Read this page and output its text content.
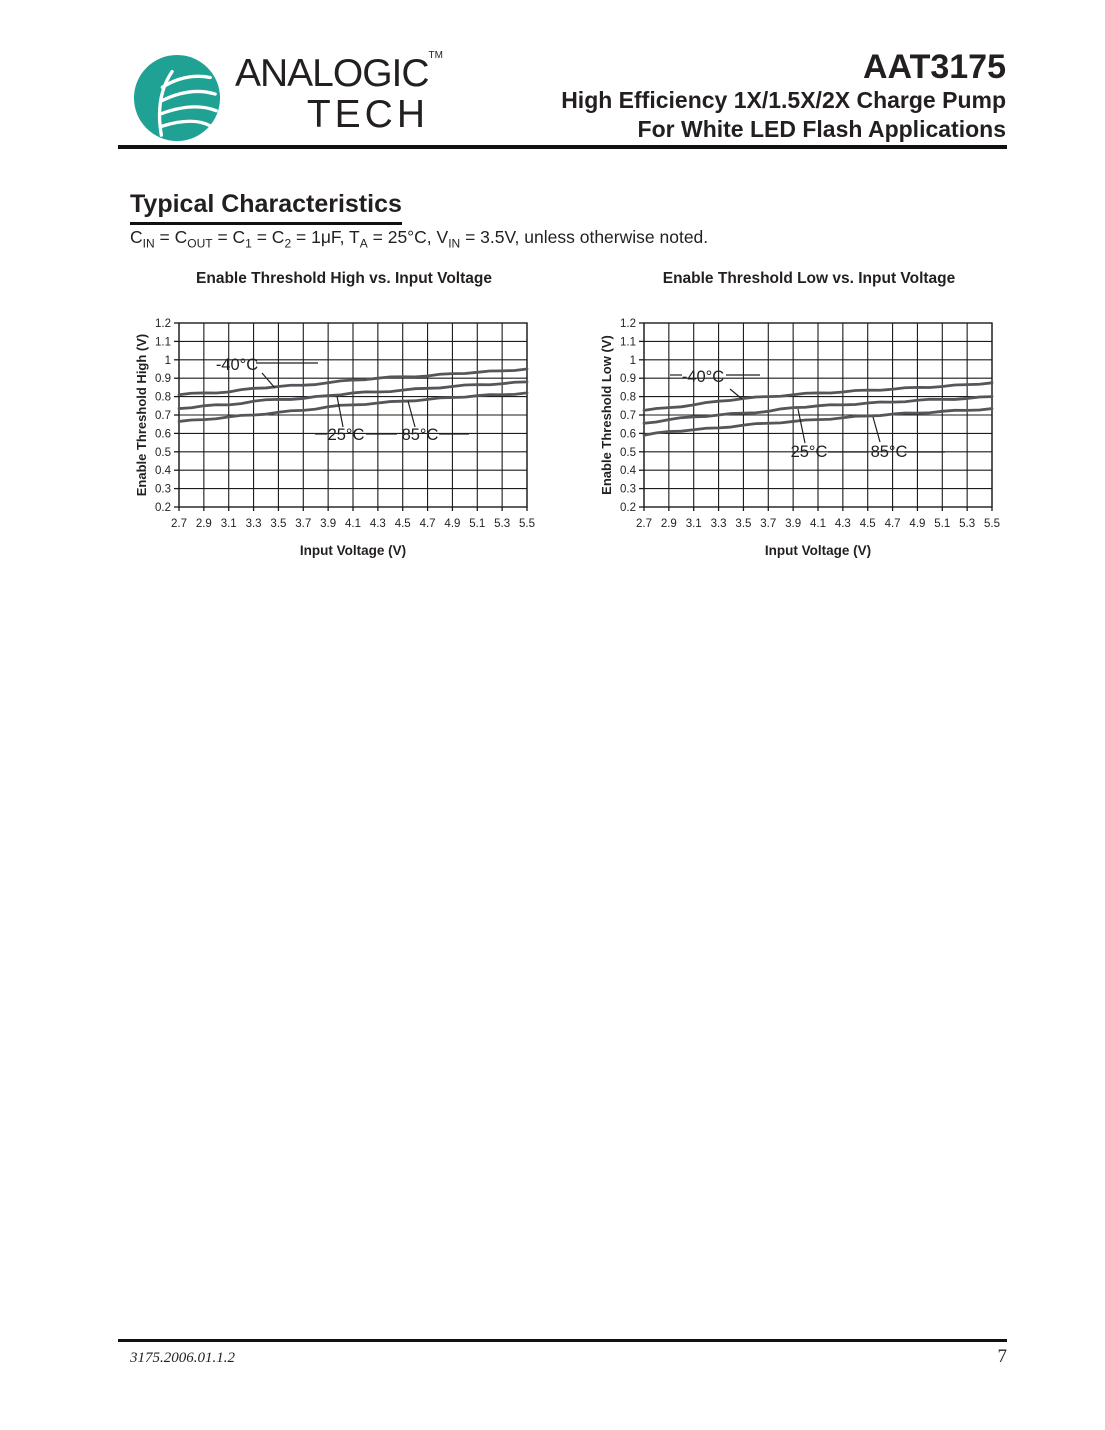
ANALOGIC™
TECH
AAT3175
High Efficiency 1X/1.5X/2X Charge Pump
For White LED Flash Applications
Typical Characteristics
$C_{IN} = C_{OUT} = C_1 = C_2 = 1\mu F$, $T_A = 25^\circ C$, $V_{IN} = 3.5V$, unless otherwise noted.
Enable Threshold High vs. Input Voltage
2.7 2.9 3.1 3.3 3.5 3.7 3.9 4.1 4.3 4.5 4.7 4.9 5.1 5.3 5.5
1.2
1.1
1
0.9
0.8
0.7
0.6
0.5
0.4
0.3
0.2
-40°C
25°C 85°C
Enable Threshold High (V)
Input Voltage (V)
Enable Threshold Low vs. Input Voltage
2.7 2.9 3.1 3.3 3.5 3.7 3.9 4.1 4.3 4.5 4.7 4.9 5.1 5.3 5.5
1.2
1.1
1
0.9
0.8
0.7
0.6
0.5
0.4
0.3
0.2
-40°C
25°C	85°C
Enable Threshold Low (V)
Input Voltage (V)
3175.2006.01.1.2	7
